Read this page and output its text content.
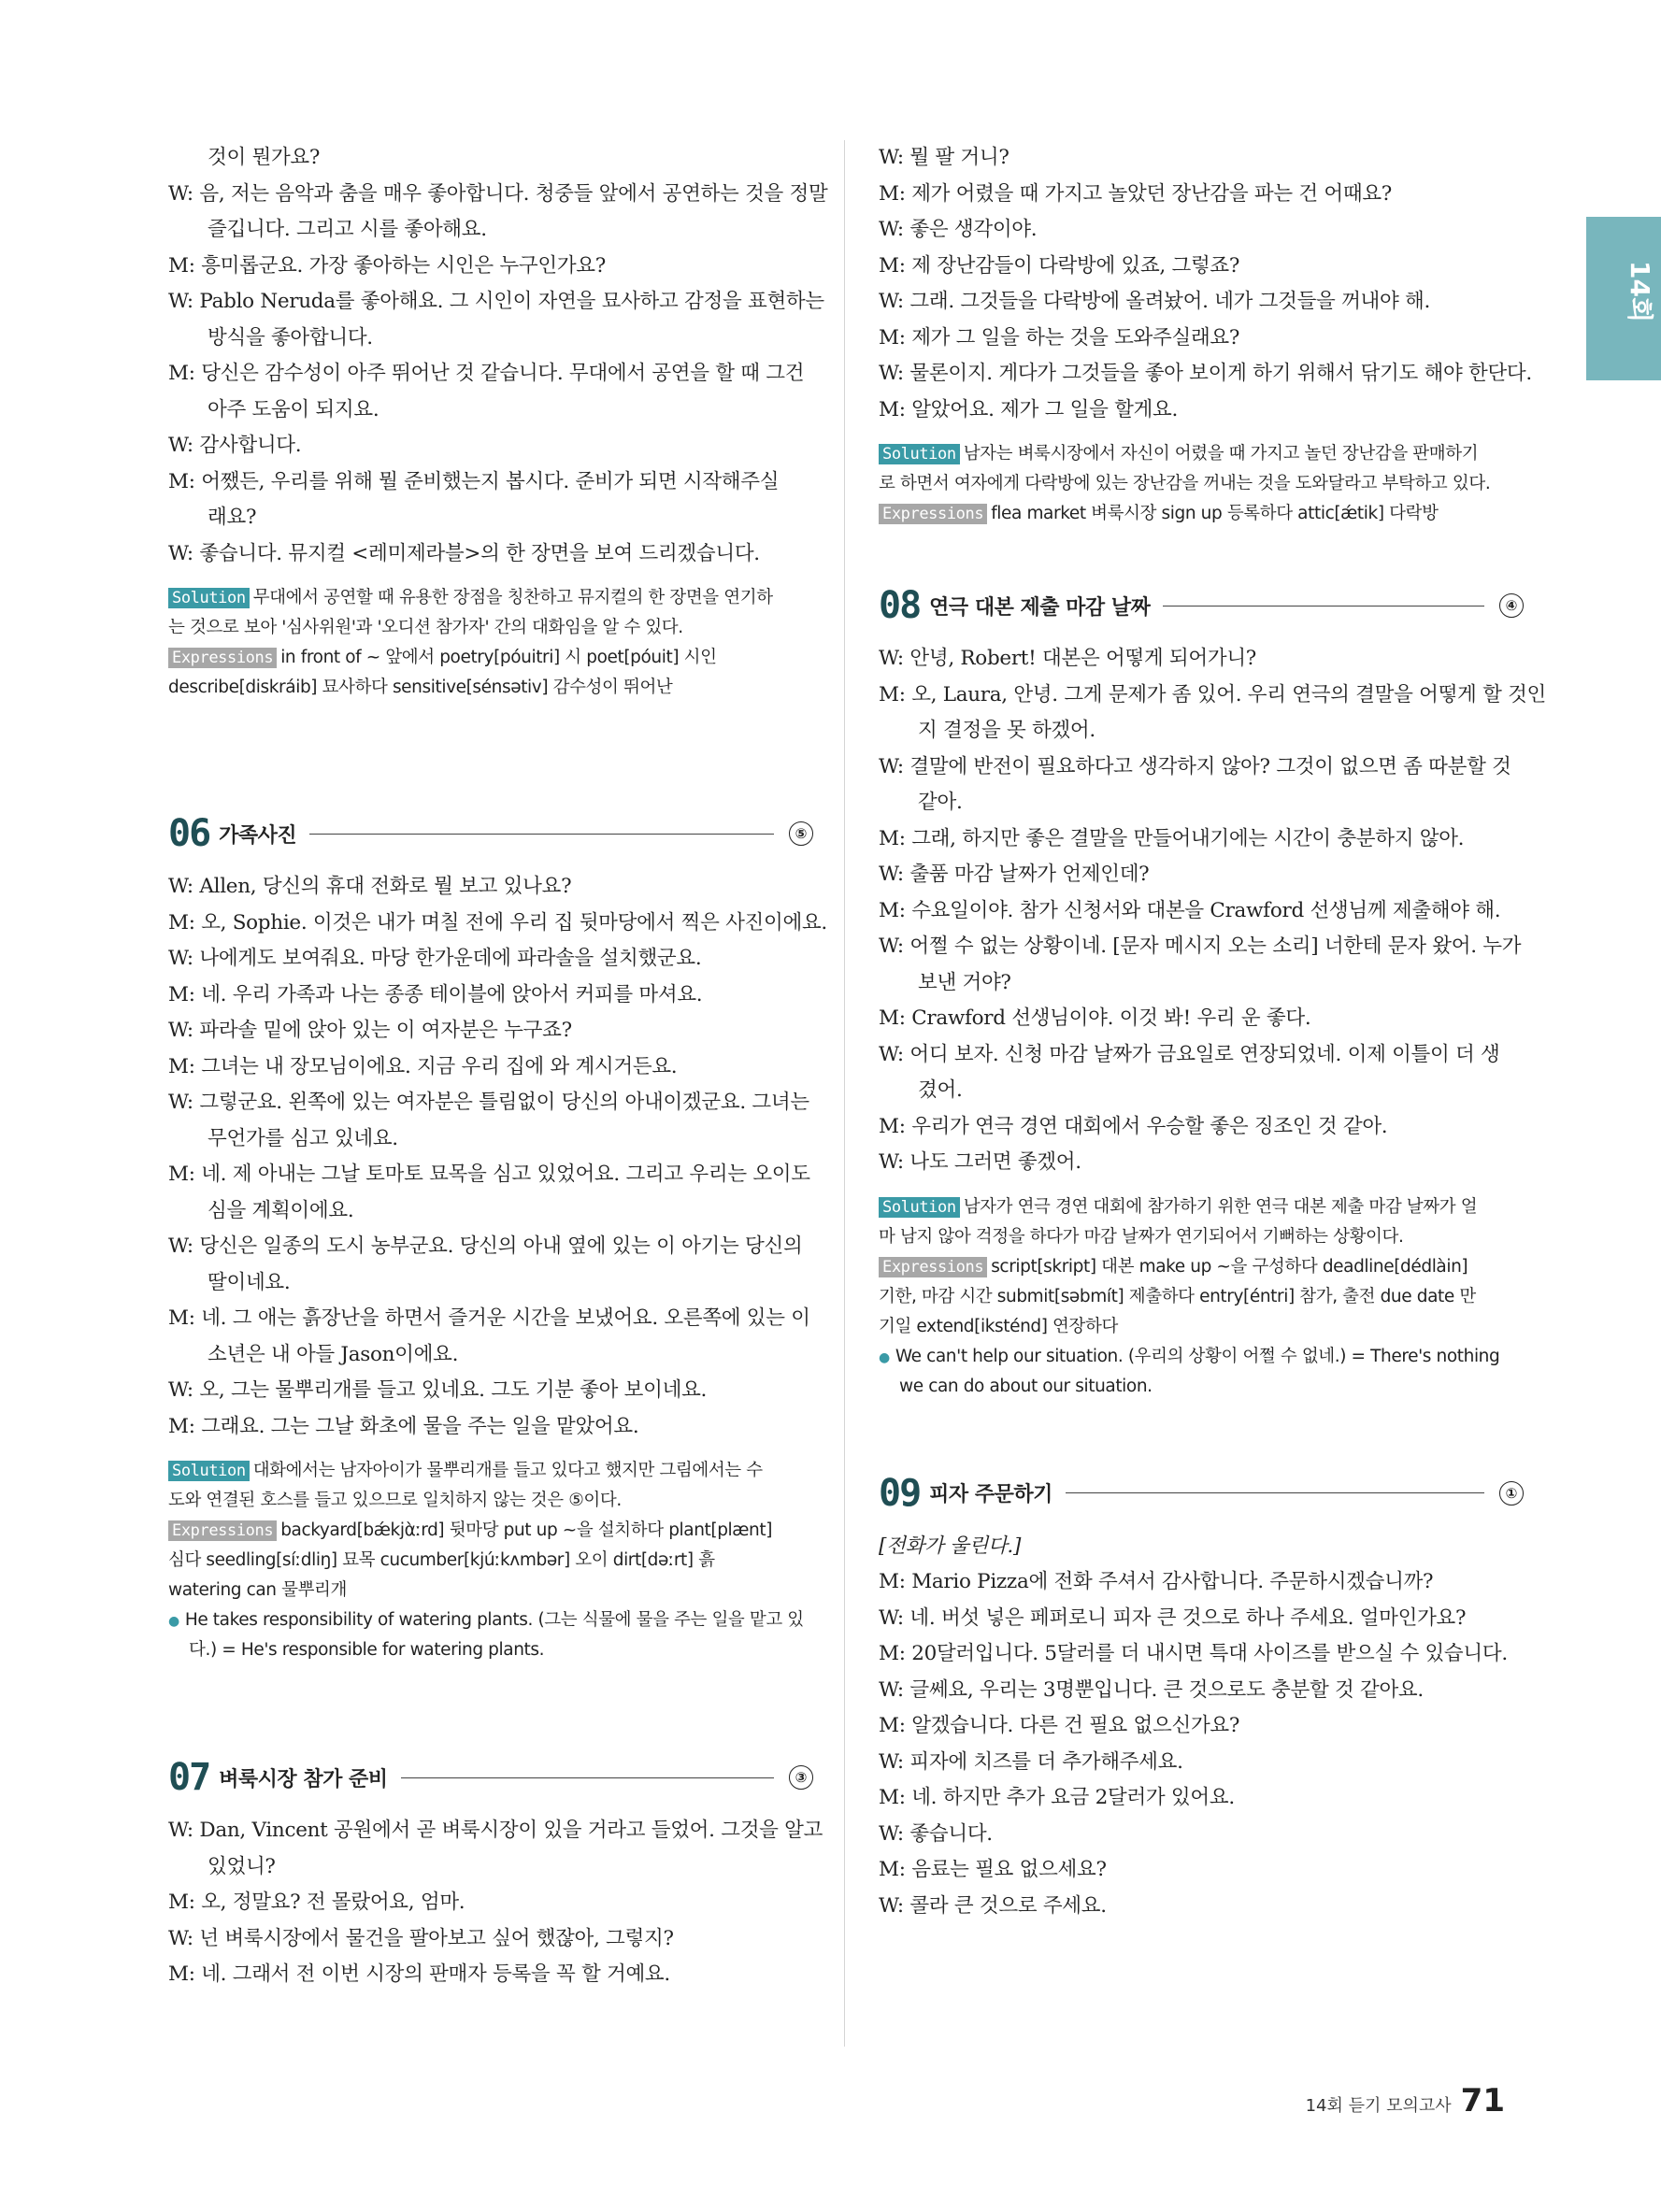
14회
것이 뭔가요?
W: 음, 저는 음악과 춤을 매우 좋아합니다. 청중들 앞에서 공연하는 것을 정말
즐깁니다. 그리고 시를 좋아해요.
M: 흥미롭군요. 가장 좋아하는 시인은 누구인가요?
W: Pablo Neruda를 좋아해요. 그 시인이 자연을 묘사하고 감정을 표현하는
방식을 좋아합니다.
M: 당신은 감수성이 아주 뛰어난 것 같습니다. 무대에서 공연을 할 때 그건
아주 도움이 되지요.
W: 감사합니다.
M: 어쨌든, 우리를 위해 뭘 준비했는지 봅시다. 준비가 되면 시작해주실
래요?
W: 좋습니다. 뮤지컬 <레미제라블>의 한 장면을 보여 드리겠습니다.
Solution 무대에서 공연할 때 유용한 장점을 칭찬하고 뮤지컬의 한 장면을 연기하
는 것으로 보아 '심사위원'과 '오디션 참가자' 간의 대화임을 알 수 있다.
Expressions in front of ~ 앞에서 poetry[póuitri] 시 poet[póuit] 시인
describe[diskráib] 묘사하다 sensitive[sénsətiv] 감수성이 뛰어난
06 가족사진	⑤
W: Allen, 당신의 휴대 전화로 뭘 보고 있나요?
M: 오, Sophie. 이것은 내가 며칠 전에 우리 집 뒷마당에서 찍은 사진이에요.
W: 나에게도 보여줘요. 마당 한가운데에 파라솔을 설치했군요.
M: 네. 우리 가족과 나는 종종 테이블에 앉아서 커피를 마셔요.
W: 파라솔 밑에 앉아 있는 이 여자분은 누구죠?
M: 그녀는 내 장모님이에요. 지금 우리 집에 와 계시거든요.
W: 그렇군요. 왼쪽에 있는 여자분은 틀림없이 당신의 아내이겠군요. 그녀는
무언가를 심고 있네요.
M: 네. 제 아내는 그날 토마토 묘목을 심고 있었어요. 그리고 우리는 오이도
심을 계획이에요.
W: 당신은 일종의 도시 농부군요. 당신의 아내 옆에 있는 이 아기는 당신의
딸이네요.
M: 네. 그 애는 흙장난을 하면서 즐거운 시간을 보냈어요. 오른쪽에 있는 이
소년은 내 아들 Jason이에요.
W: 오, 그는 물뿌리개를 들고 있네요. 그도 기분 좋아 보이네요.
M: 그래요. 그는 그날 화초에 물을 주는 일을 맡았어요.
Solution 대화에서는 남자아이가 물뿌리개를 들고 있다고 했지만 그림에서는 수
도와 연결된 호스를 들고 있으므로 일치하지 않는 것은 ⑤이다.
Expressions backyard[bǽkjὰːrd] 뒷마당 put up ~을 설치하다 plant[plænt]
심다 seedling[síːdliŋ] 묘목 cucumber[kjúːkʌmbər] 오이 dirt[dəːrt] 흙
watering can 물뿌리개
● He takes responsibility of watering plants. (그는 식물에 물을 주는 일을 맡고 있
다.) = He's responsible for watering plants.
07 벼룩시장 참가 준비	③
W: Dan, Vincent 공원에서 곧 벼룩시장이 있을 거라고 들었어. 그것을 알고
있었니?
M: 오, 정말요? 전 몰랐어요, 엄마.
W: 넌 벼룩시장에서 물건을 팔아보고 싶어 했잖아, 그렇지?
M: 네. 그래서 전 이번 시장의 판매자 등록을 꼭 할 거예요.
W: 뭘 팔 거니?
M: 제가 어렸을 때 가지고 놀았던 장난감을 파는 건 어때요?
W: 좋은 생각이야.
M: 제 장난감들이 다락방에 있죠, 그렇죠?
W: 그래. 그것들을 다락방에 올려놨어. 네가 그것들을 꺼내야 해.
M: 제가 그 일을 하는 것을 도와주실래요?
W: 물론이지. 게다가 그것들을 좋아 보이게 하기 위해서 닦기도 해야 한단다.
M: 알았어요. 제가 그 일을 할게요.
Solution 남자는 벼룩시장에서 자신이 어렸을 때 가지고 놀던 장난감을 판매하기
로 하면서 여자에게 다락방에 있는 장난감을 꺼내는 것을 도와달라고 부탁하고 있다.
Expressions flea market 벼룩시장 sign up 등록하다 attic[ǽtik] 다락방
08 연극 대본 제출 마감 날짜	④
W: 안녕, Robert! 대본은 어떻게 되어가니?
M: 오, Laura, 안녕. 그게 문제가 좀 있어. 우리 연극의 결말을 어떻게 할 것인
지 결정을 못 하겠어.
W: 결말에 반전이 필요하다고 생각하지 않아? 그것이 없으면 좀 따분할 것
같아.
M: 그래, 하지만 좋은 결말을 만들어내기에는 시간이 충분하지 않아.
W: 출품 마감 날짜가 언제인데?
M: 수요일이야. 참가 신청서와 대본을 Crawford 선생님께 제출해야 해.
W: 어쩔 수 없는 상황이네. [문자 메시지 오는 소리] 너한테 문자 왔어. 누가
보낸 거야?
M: Crawford 선생님이야. 이것 봐! 우리 운 좋다.
W: 어디 보자. 신청 마감 날짜가 금요일로 연장되었네. 이제 이틀이 더 생
겼어.
M: 우리가 연극 경연 대회에서 우승할 좋은 징조인 것 같아.
W: 나도 그러면 좋겠어.
Solution 남자가 연극 경연 대회에 참가하기 위한 연극 대본 제출 마감 날짜가 얼
마 남지 않아 걱정을 하다가 마감 날짜가 연기되어서 기뻐하는 상황이다.
Expressions script[skript] 대본 make up ~을 구성하다 deadline[dédlàin]
기한, 마감 시간 submit[səbmít] 제출하다 entry[éntri] 참가, 출전 due date 만
기일 extend[iksténd] 연장하다
● We can't help our situation. (우리의 상황이 어쩔 수 없네.) = There's nothing
we can do about our situation.
09 피자 주문하기	①
[전화가 울린다.]
M: Mario Pizza에 전화 주셔서 감사합니다. 주문하시겠습니까?
W: 네. 버섯 넣은 페퍼로니 피자 큰 것으로 하나 주세요. 얼마인가요?
M: 20달러입니다. 5달러를 더 내시면 특대 사이즈를 받으실 수 있습니다.
W: 글쎄요, 우리는 3명뿐입니다. 큰 것으로도 충분할 것 같아요.
M: 알겠습니다. 다른 건 필요 없으신가요?
W: 피자에 치즈를 더 추가해주세요.
M: 네. 하지만 추가 요금 2달러가 있어요.
W: 좋습니다.
M: 음료는 필요 없으세요?
W: 콜라 큰 것으로 주세요.
14회 듣기 모의고사 71
